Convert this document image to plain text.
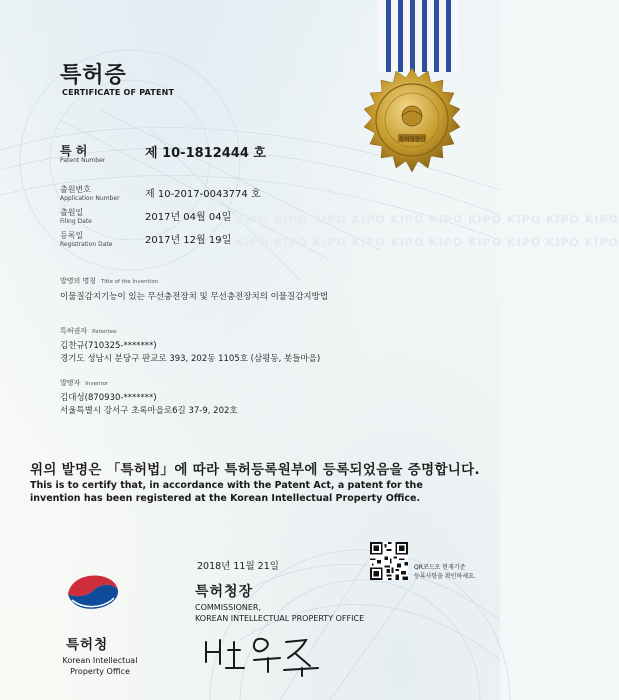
특허청장인
특허증
CERTIFICATE OF PATENT
특 허
Patent Number	제 10-1812444 호
출원번호
Application Number	제 10-2017-0043774 호
출원일
Filing Date	2017년 04월 04일
등록일
Registration Date	2017년 12월 19일
KIPO KIPO KIPO KIPO KIPO KIPO KIPO KIPO KIPO KIPO
KIPO KIPO KIPO KIPO KIPO KIPO KIPO KIPO KIPO KIPO
발명의 명칭 Title of the Invention
이물질감지기능이 있는 무선충전장치 및 무선충전장치의 이물질감지방법
특허권자 Patentee
김찬규(710325-*******)
경기도 성남시 분당구 판교로 393, 202동 1105호 (삼평동, 봇들마을)
발명자 Inventor
김대성(870930-*******)
서울특별시 강서구 초록마을로6길 37-9, 202호
위의 발명은 「특허법」에 따라 특허등록원부에 등록되었음을 증명합니다.
This is to certify that, in accordance with the Patent Act, a patent for the invention has been registered at the Korean Intellectual Property Office.
2018년 11월 21일	QR코드로 현재기준
등록사항을 확인하세요.
특허청장
COMMISSIONER,
KOREAN INTELLECTUAL PROPERTY OFFICE
특허청
Korean Intellectual
Property Office
